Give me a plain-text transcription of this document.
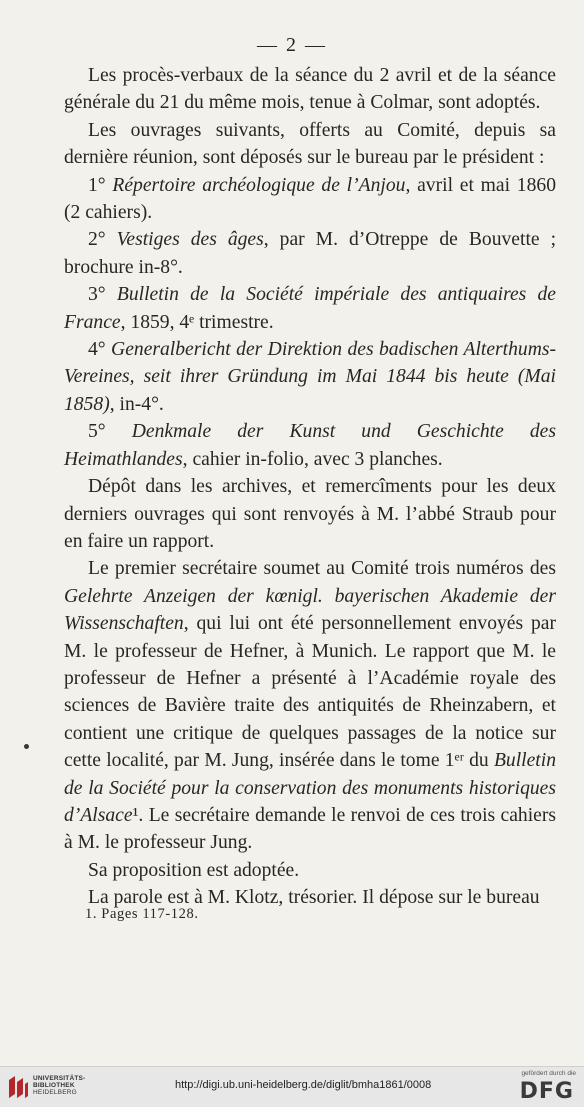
— 2 —

Les procès-verbaux de la séance du 2 avril et de la séance générale du 21 du même mois, tenue à Colmar, sont adoptés.

Les ouvrages suivants, offerts au Comité, depuis sa dernière réunion, sont déposés sur le bureau par le président :

1° Répertoire archéologique de l’Anjou, avril et mai 1860 (2 cahiers).

2° Vestiges des âges, par M. d’Otreppe de Bouvette ; brochure in-8°.

3° Bulletin de la Société impériale des antiquaires de France, 1859, 4ᵉ trimestre.

4° Generalbericht der Direktion des badischen Alterthums-Vereines, seit ihrer Gründung im Mai 1844 bis heute (Mai 1858), in-4°.

5° Denkmale der Kunst und Geschichte des Heimathlandes, cahier in-folio, avec 3 planches.

Dépôt dans les archives, et remercîments pour les deux derniers ouvrages qui sont renvoyés à M. l’abbé Straub pour en faire un rapport.

Le premier secrétaire soumet au Comité trois numéros des Gelehrte Anzeigen der kœnigl. bayerischen Akademie der Wissenschaften, qui lui ont été personnellement envoyés par M. le professeur de Hefner, à Munich. Le rapport que M. le professeur de Hefner a présenté à l’Académie royale des sciences de Bavière traite des antiquités de Rheinzabern, et contient une critique de quelques passages de la notice sur cette localité, par M. Jung, insérée dans le tome 1ᵉʳ du Bulletin de la Société pour la conservation des monuments historiques d’Alsace¹. Le secrétaire demande le renvoi de ces trois cahiers à M. le professeur Jung.

Sa proposition est adoptée.

La parole est à M. Klotz, trésorier. Il dépose sur le bureau

1. Pages 117-128.
UNIVERSITÄTS-
BIBLIOTHEK
HEIDELBERG
http://digi.ub.uni-heidelberg.de/diglit/bmha1861/0008
gefördert durch die
DFG
